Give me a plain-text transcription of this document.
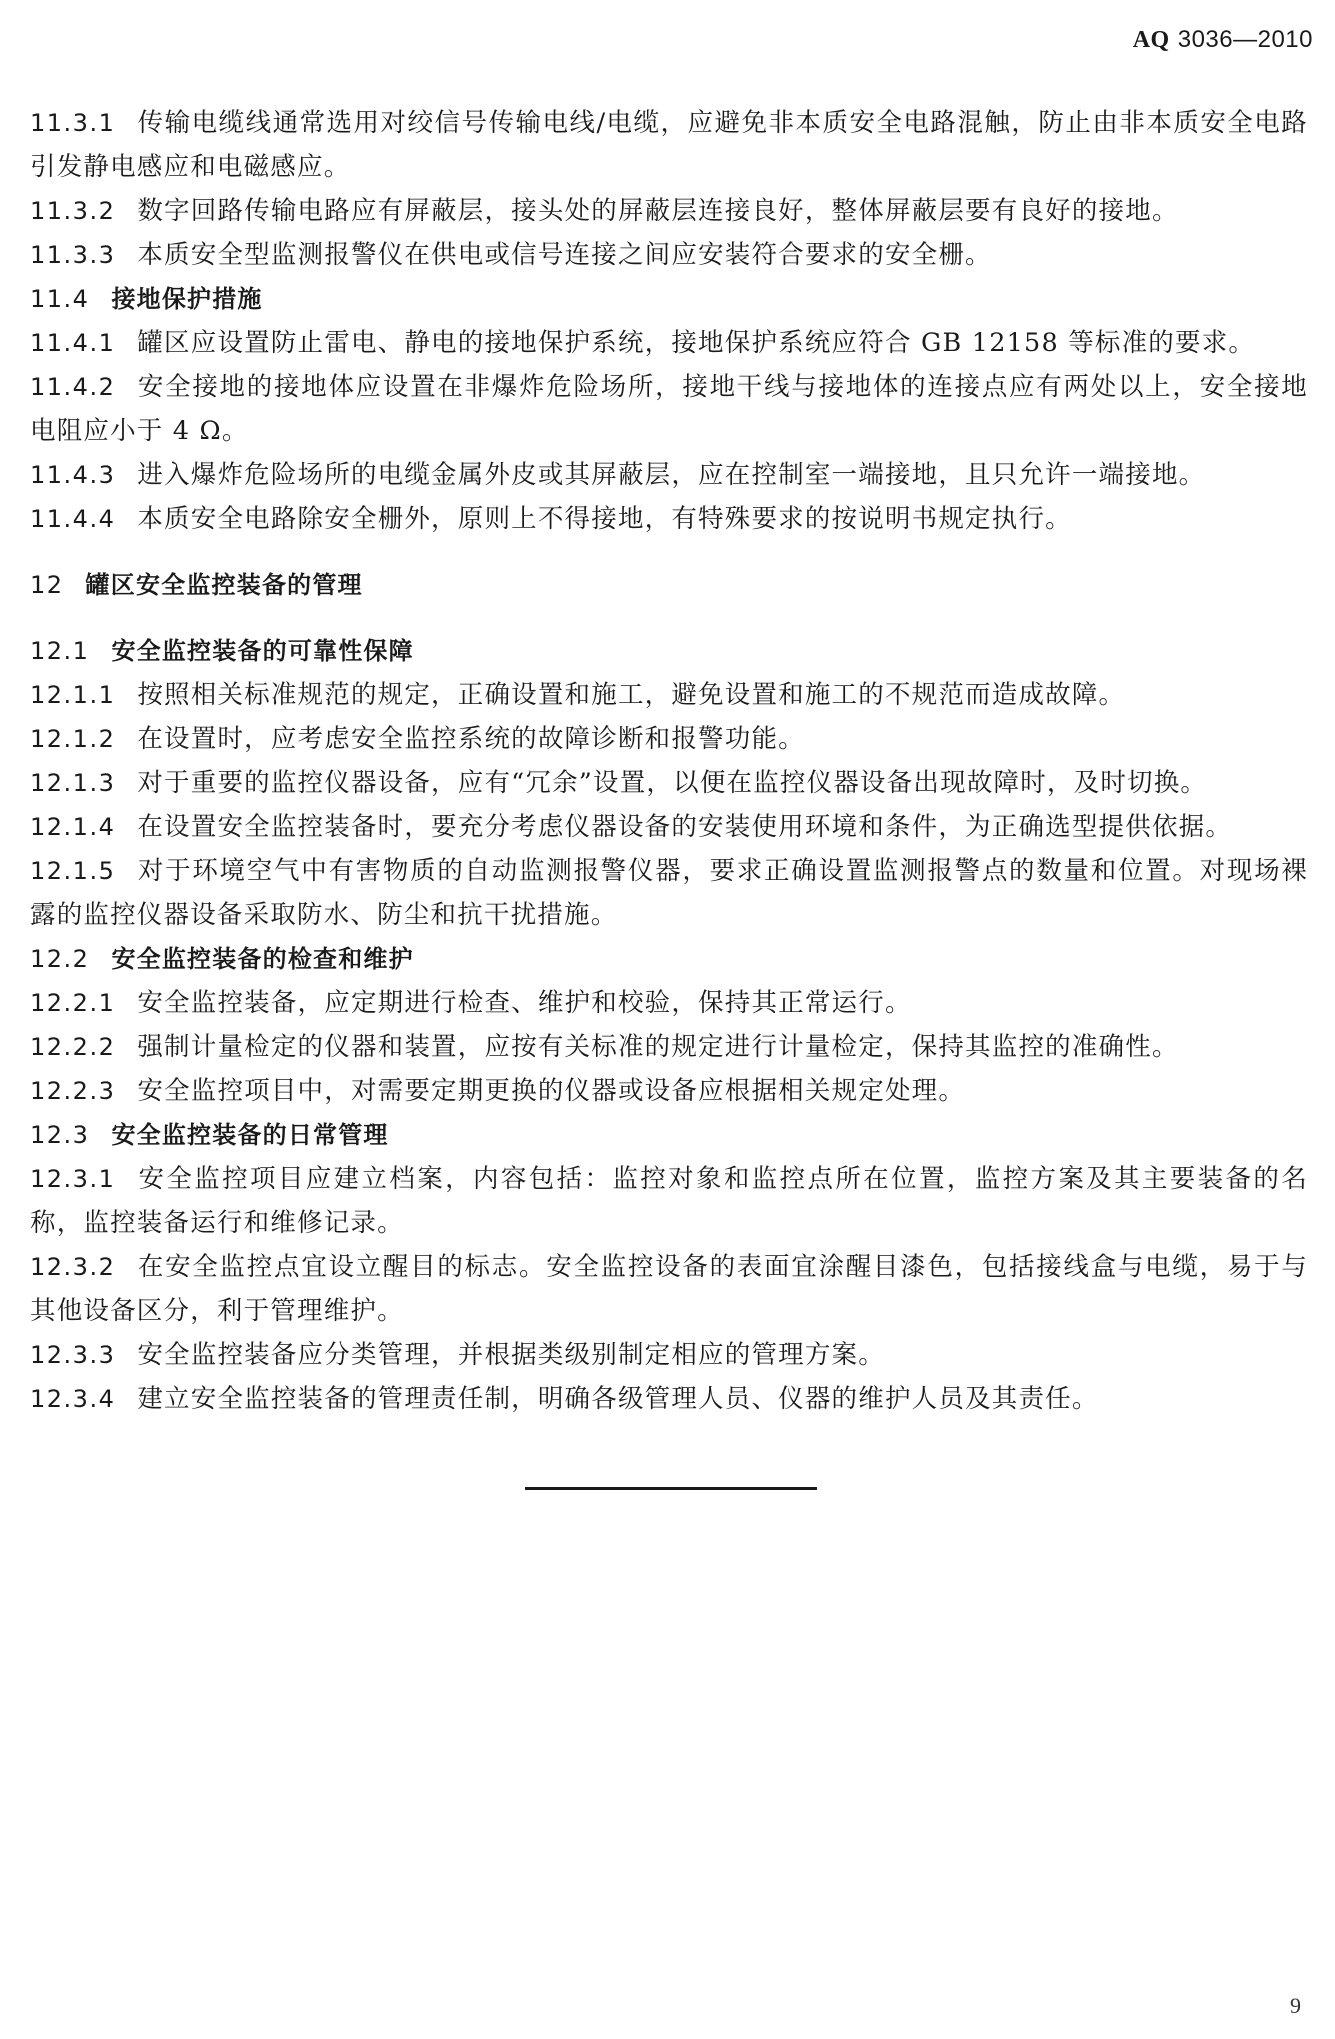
AQ 3036—2010

11.3.1 传输电缆线通常选用对绞信号传输电线/电缆，应避免非本质安全电路混触，防止由非本质安全电路引发静电感应和电磁感应。

11.3.2 数字回路传输电路应有屏蔽层，接头处的屏蔽层连接良好，整体屏蔽层要有良好的接地。

11.3.3 本质安全型监测报警仪在供电或信号连接之间应安装符合要求的安全栅。

11.4 接地保护措施

11.4.1 罐区应设置防止雷电、静电的接地保护系统，接地保护系统应符合 GB 12158 等标准的要求。

11.4.2 安全接地的接地体应设置在非爆炸危险场所，接地干线与接地体的连接点应有两处以上，安全接地电阻应小于 4 Ω。

11.4.3 进入爆炸危险场所的电缆金属外皮或其屏蔽层，应在控制室一端接地，且只允许一端接地。

11.4.4 本质安全电路除安全栅外，原则上不得接地，有特殊要求的按说明书规定执行。

12 罐区安全监控装备的管理

12.1 安全监控装备的可靠性保障

12.1.1 按照相关标准规范的规定，正确设置和施工，避免设置和施工的不规范而造成故障。

12.1.2 在设置时，应考虑安全监控系统的故障诊断和报警功能。

12.1.3 对于重要的监控仪器设备，应有“冗余”设置，以便在监控仪器设备出现故障时，及时切换。

12.1.4 在设置安全监控装备时，要充分考虑仪器设备的安装使用环境和条件，为正确选型提供依据。

12.1.5 对于环境空气中有害物质的自动监测报警仪器，要求正确设置监测报警点的数量和位置。对现场裸露的监控仪器设备采取防水、防尘和抗干扰措施。

12.2 安全监控装备的检查和维护

12.2.1 安全监控装备，应定期进行检查、维护和校验，保持其正常运行。

12.2.2 强制计量检定的仪器和装置，应按有关标准的规定进行计量检定，保持其监控的准确性。

12.2.3 安全监控项目中，对需要定期更换的仪器或设备应根据相关规定处理。

12.3 安全监控装备的日常管理

12.3.1 安全监控项目应建立档案，内容包括：监控对象和监控点所在位置，监控方案及其主要装备的名称，监控装备运行和维修记录。

12.3.2 在安全监控点宜设立醒目的标志。安全监控设备的表面宜涂醒目漆色，包括接线盒与电缆，易于与其他设备区分，利于管理维护。

12.3.3 安全监控装备应分类管理，并根据类级别制定相应的管理方案。

12.3.4 建立安全监控装备的管理责任制，明确各级管理人员、仪器的维护人员及其责任。

9
